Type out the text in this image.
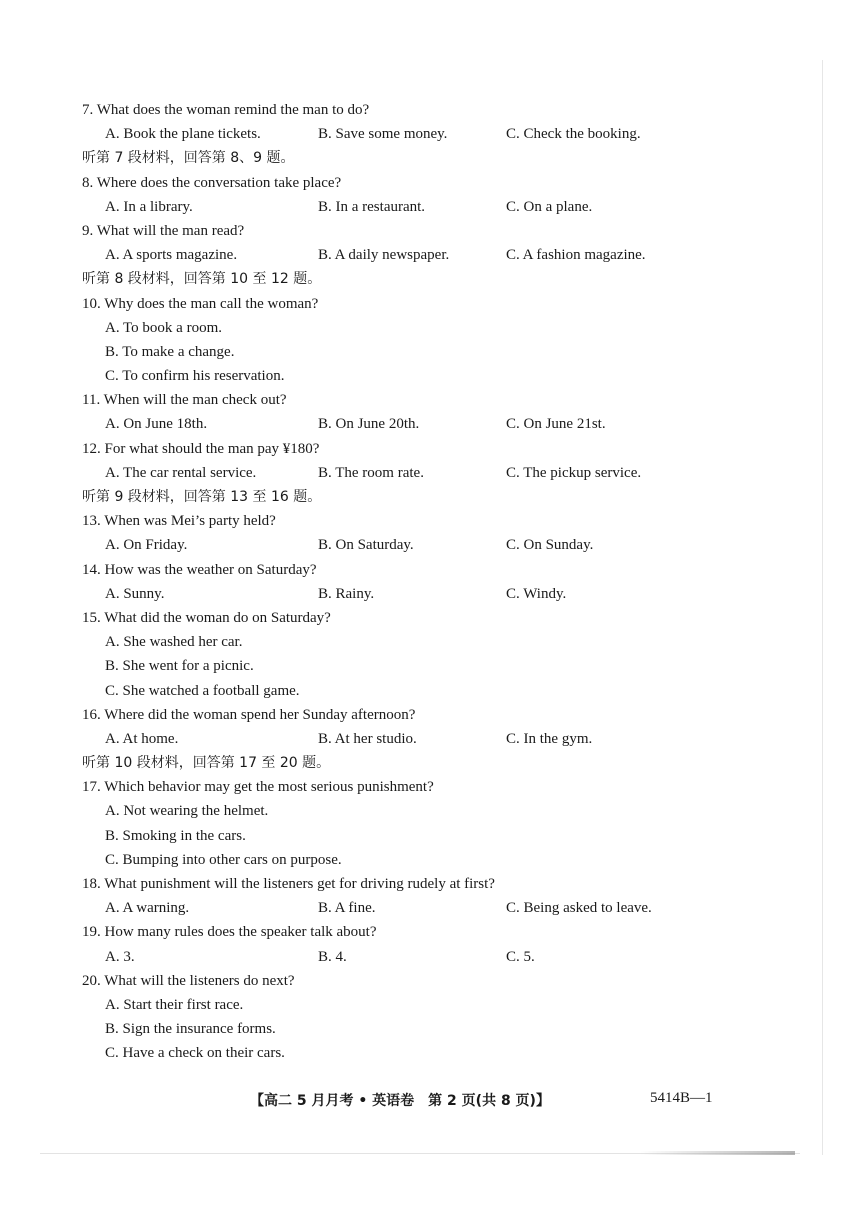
7. What does the woman remind the man to do?
A. Book the plane tickets.	B. Save some money.	C. Check the booking.
听第 7 段材料，回答第 8、9 题。
8. Where does the conversation take place?
A. In a library.	B. In a restaurant.	C. On a plane.
9. What will the man read?
A. A sports magazine.	B. A daily newspaper.	C. A fashion magazine.
听第 8 段材料，回答第 10 至 12 题。
10. Why does the man call the woman?
A. To book a room.
B. To make a change.
C. To confirm his reservation.
11. When will the man check out?
A. On June 18th.	B. On June 20th.	C. On June 21st.
12. For what should the man pay ¥180?
A. The car rental service.	B. The room rate.	C. The pickup service.
听第 9 段材料，回答第 13 至 16 题。
13. When was Mei’s party held?
A. On Friday.	B. On Saturday.	C. On Sunday.
14. How was the weather on Saturday?
A. Sunny.	B. Rainy.	C. Windy.
15. What did the woman do on Saturday?
A. She washed her car.
B. She went for a picnic.
C. She watched a football game.
16. Where did the woman spend her Sunday afternoon?
A. At home.	B. At her studio.	C. In the gym.
听第 10 段材料，回答第 17 至 20 题。
17. Which behavior may get the most serious punishment?
A. Not wearing the helmet.
B. Smoking in the cars.
C. Bumping into other cars on purpose.
18. What punishment will the listeners get for driving rudely at first?
A. A warning.	B. A fine.	C. Being asked to leave.
19. How many rules does the speaker talk about?
A. 3.	B. 4.	C. 5.
20. What will the listeners do next?
A. Start their first race.
B. Sign the insurance forms.
C. Have a check on their cars.
【高二 5 月月考 • 英语卷　第 2 页(共 8 页)】	5414B—1
